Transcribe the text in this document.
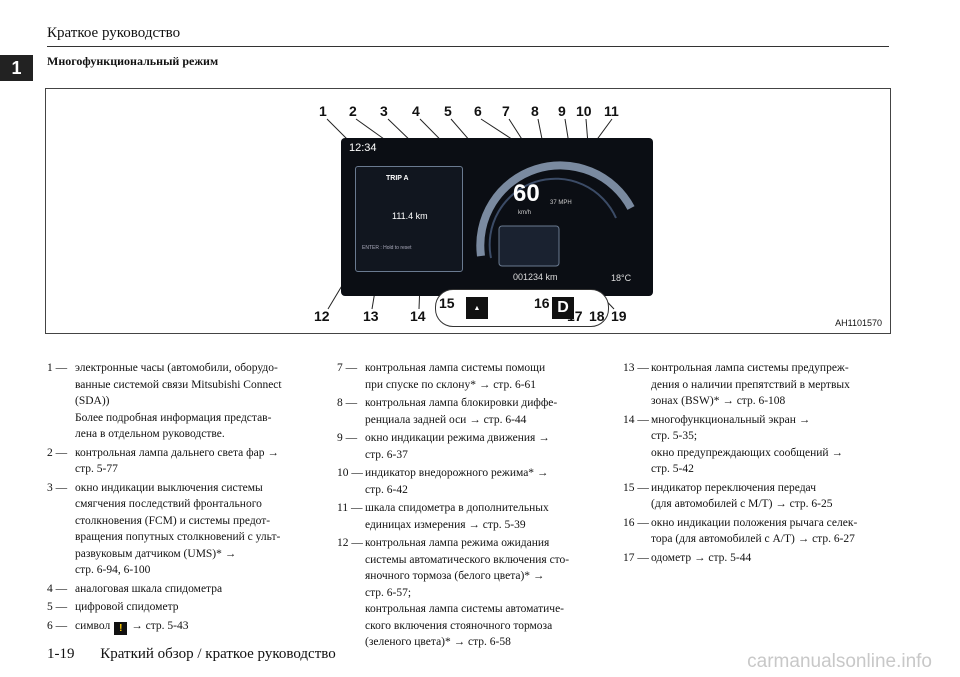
Краткое руководство
1	Многофункциональный режим
1 2 3 4 5 6 7 8 9 10 11
12:34
TRIP A
111.4 km
ENTER : Hold to reset
60
km/h
37 MPH
001234 km	18°C
▲	D
12 13 14
15	16
17 18 19	AH1101570
1 — электронные часы (автомобили, оборудо-
ванные системой связи Mitsubishi Connect
(SDA))
Более подробная информация представ-
лена в отдельном руководстве.
2 — контрольная лампа дальнего света фар →
стр. 5-77
3 — окно индикации выключения системы
смягчения последствий фронтального
столкновения (FCM) и системы предот-
вращения попутных столкновений с ульт-
развуковым датчиком (UMS)* →
стр. 6-94, 6-100
4 — аналоговая шкала спидометра
5 — цифровой спидометр
6 — символ ! → стр. 5-43
7 — контрольная лампа системы помощи
при спуске по склону* → стр. 6-61
8 — контрольная лампа блокировки диффе-
ренциала задней оси → стр. 6-44
9 — окно индикации режима движения →
стр. 6-37
10 — индикатор внедорожного режима* →
стр. 6-42
11 — шкала спидометра в дополнительных
единицах измерения → стр. 5-39
12 — контрольная лампа режима ожидания
системы автоматического включения сто-
яночного тормоза (белого цвета)* →
стр. 6-57;
контрольная лампа системы автоматиче-
ского включения стояночного тормоза
(зеленого цвета)* → стр. 6-58
13 — контрольная лампа системы предупреж-
дения о наличии препятствий в мертвых
зонах (BSW)* → стр. 6-108
14 — многофункциональный экран →
стр. 5-35;
окно предупреждающих сообщений →
стр. 5-42
15 — индикатор переключения передач
(для автомобилей с М/Т) → стр. 6-25
16 — окно индикации положения рычага селек-
тора (для автомобилей с А/Т) → стр. 6-27
17 — одометр → стр. 5-44
1-19 Краткий обзор / краткое руководство	carmanualsonline.info
